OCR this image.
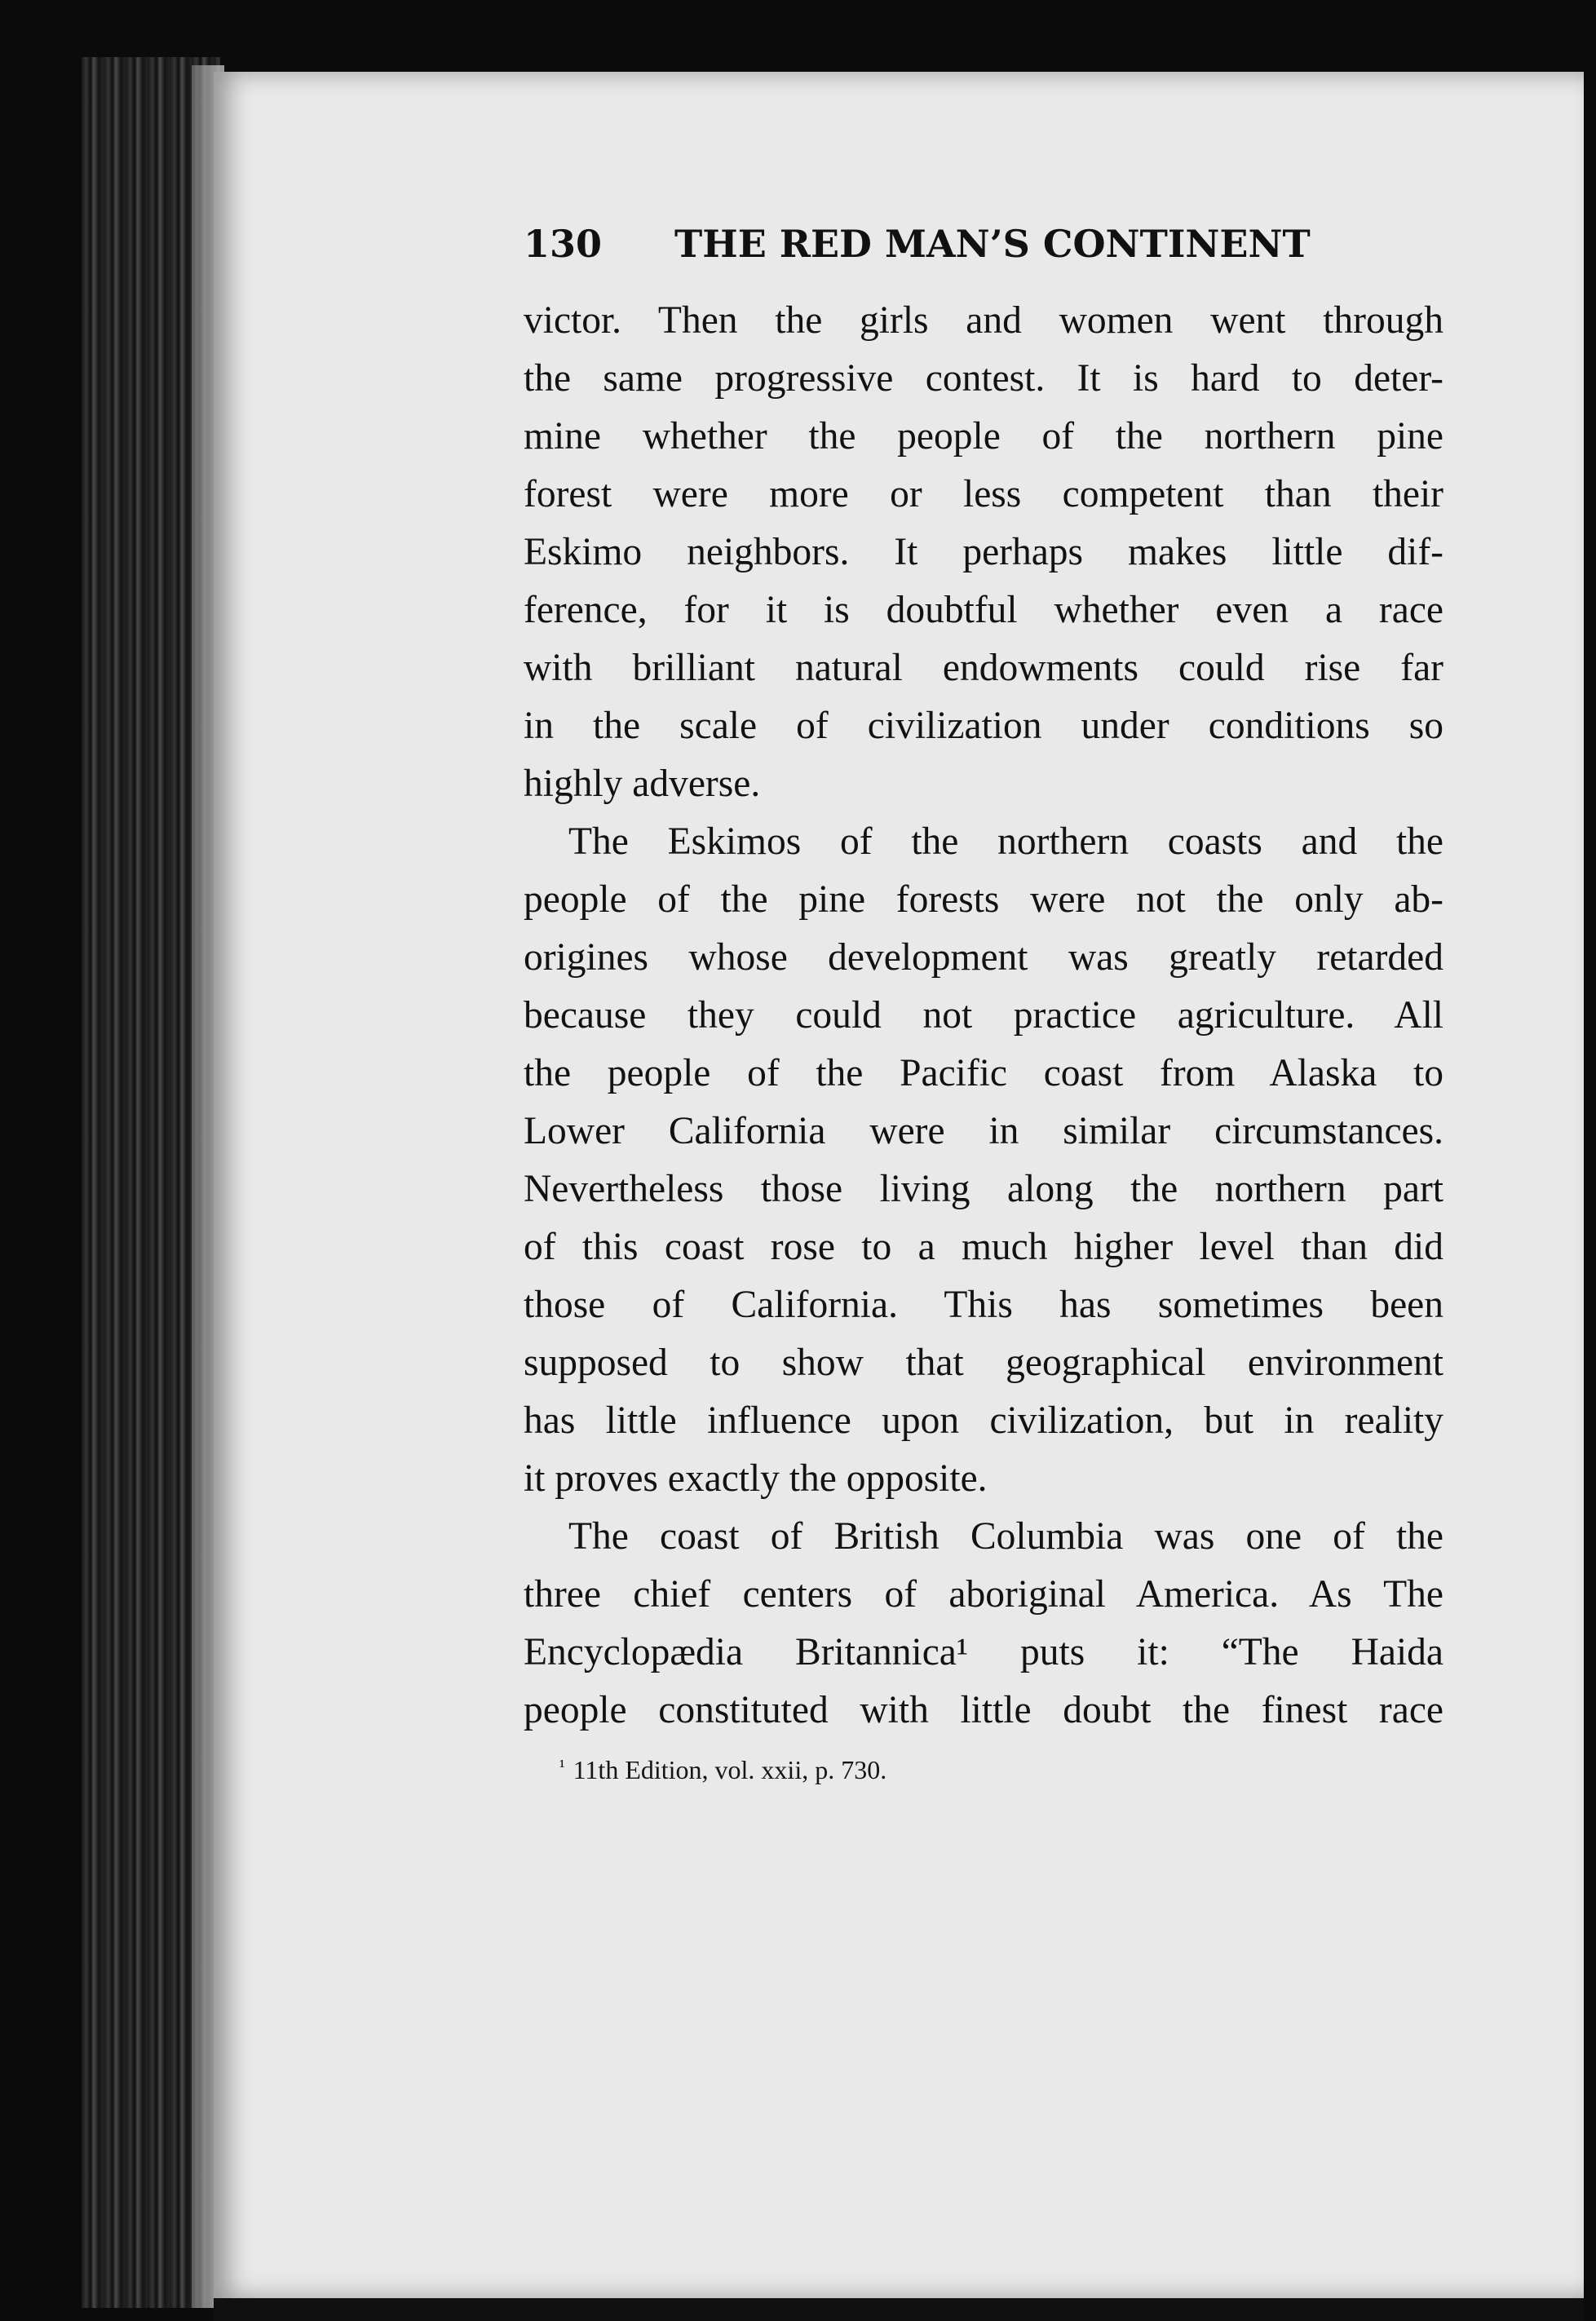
130 THE RED MAN’S CONTINENT
victor. Then the girls and women went through
the same progressive contest. It is hard to deter-
mine whether the people of the northern pine
forest were more or less competent than their
Eskimo neighbors. It perhaps makes little dif-
ference, for it is doubtful whether even a race
with brilliant natural endowments could rise far
in the scale of civilization under conditions so
highly adverse.
The Eskimos of the northern coasts and the
people of the pine forests were not the only ab-
origines whose development was greatly retarded
because they could not practice agriculture. All
the people of the Pacific coast from Alaska to
Lower California were in similar circumstances.
Nevertheless those living along the northern part
of this coast rose to a much higher level than did
those of California. This has sometimes been
supposed to show that geographical environment
has little influence upon civilization, but in reality
it proves exactly the opposite.
The coast of British Columbia was one of the
three chief centers of aboriginal America. As The
Encyclopædia Britannica¹ puts it: “The Haida
people constituted with little doubt the finest race
$^{^1}$ 11th Edition, vol. xxii, p. 730.
